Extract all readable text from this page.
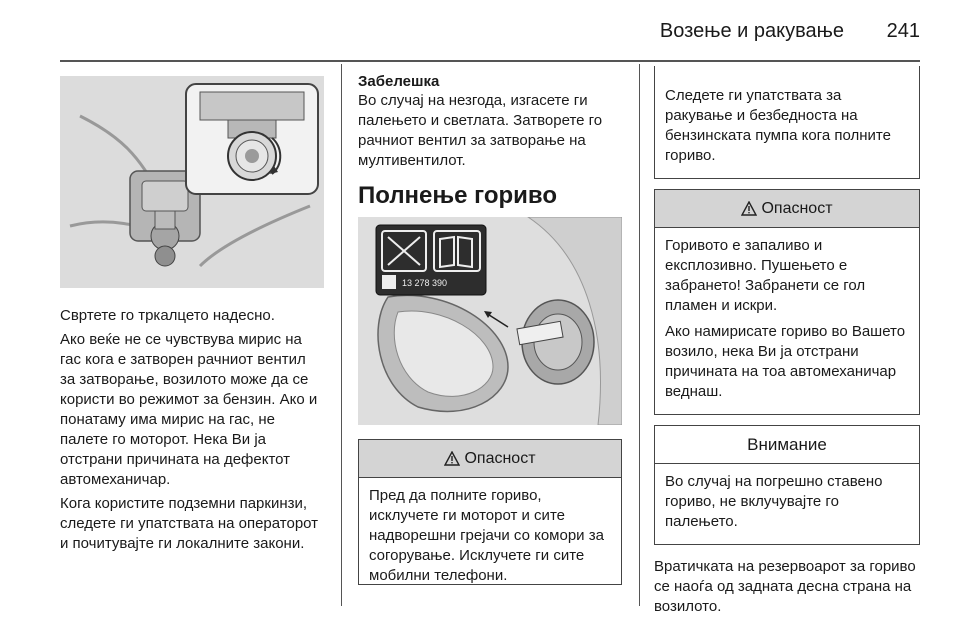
Возење и ракување 241

Свртете го тркалцето надесно.

Ако веќе не се чувствува мирис на гас кога е затворен рачниот вентил за затворање, возилото може да се користи во режимот за бензин. Ако и понатаму има мирис на гас, не палете го моторот. Нека Ви ја отстрани причината на дефектот автомеханичар.

Кога користите подземни паркинзи, следете ги упатствата на операторот и почитувајте ги локалните закони.

Забелешка

Во случај на незгода, изгасете ги палењето и светлата. Затворете го рачниот вентил за затворање на мултивентилот.

Полнење гориво
13 278 390
Опасност

Пред да полните гориво, исклучете ги моторот и сите надворешни грејачи со комори за согорување. Исклучете ги сите мобилни телефони.

Следете ги упатствата за ракување и безбедноста на бензинската пумпа кога полните гориво.

Опасност

Горивото е запаливо и експлозивно. Пушењето е забрането! Забранети се гол пламен и искри.

Ако намирисате гориво во Вашето возило, нека Ви ја отстрани причината на тоа автомеханичар веднаш.

Внимание

Во случај на погрешно ставено гориво, не вклучувајте го палењето.

Вратичката на резервоарот за гориво се наоѓа од задната десна страна на возилото.
